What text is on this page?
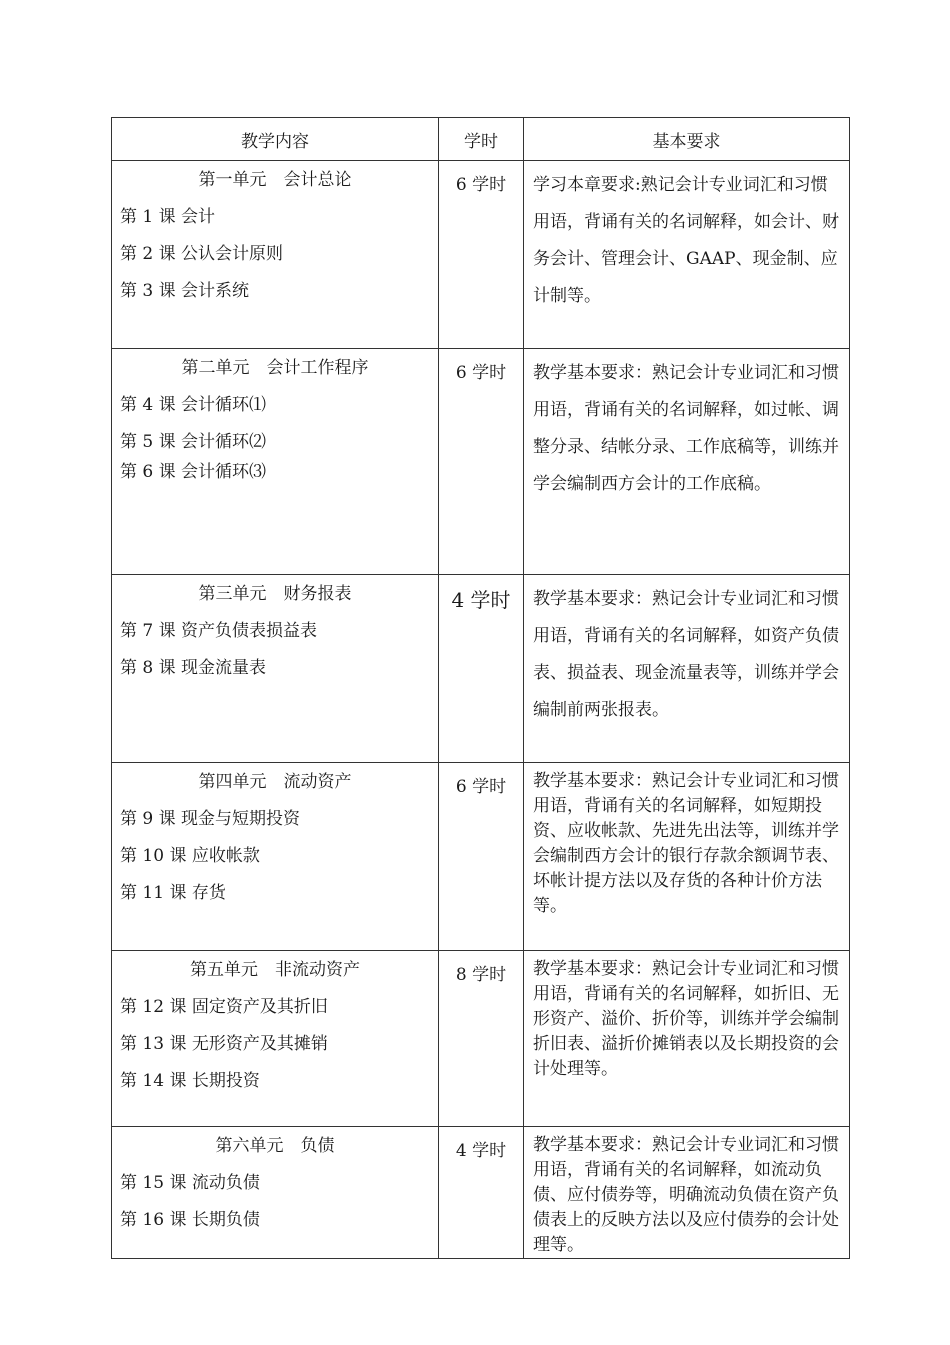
教学内容	学时	基本要求

第一单元　会计总论
第 1 课 会计
第 2 课 公认会计原则
第 3 课 会计系统	6 学时	学习本章要求:熟记会计专业词汇和习惯用语，背诵有关的名词解释，如会计、财务会计、管理会计、GAAP、现金制、应计制等。

第二单元　会计工作程序
第 4 课 会计循环⑴
第 5 课 会计循环⑵
第 6 课 会计循环⑶	6 学时	教学基本要求：熟记会计专业词汇和习惯用语，背诵有关的名词解释，如过帐、调整分录、结帐分录、工作底稿等，训练并学会编制西方会计的工作底稿。

第三单元　财务报表
第 7 课 资产负债表损益表
第 8 课 现金流量表	4 学时	教学基本要求：熟记会计专业词汇和习惯用语，背诵有关的名词解释，如资产负债表、损益表、现金流量表等，训练并学会编制前两张报表。

第四单元　流动资产
第 9 课 现金与短期投资
第 10 课 应收帐款
第 11 课 存货	6 学时	教学基本要求：熟记会计专业词汇和习惯用语，背诵有关的名词解释，如短期投资、应收帐款、先进先出法等，训练并学会编制西方会计的银行存款余额调节表、坏帐计提方法以及存货的各种计价方法等。

第五单元　非流动资产
第 12 课 固定资产及其折旧
第 13 课 无形资产及其摊销
第 14 课 长期投资	8 学时	教学基本要求：熟记会计专业词汇和习惯用语，背诵有关的名词解释，如折旧、无形资产、溢价、折价等，训练并学会编制折旧表、溢折价摊销表以及长期投资的会计处理等。

第六单元　负债
第 15 课 流动负债
第 16 课 长期负债	4 学时	教学基本要求：熟记会计专业词汇和习惯用语，背诵有关的名词解释，如流动负债、应付债券等，明确流动负债在资产负债表上的反映方法以及应付债券的会计处理等。
